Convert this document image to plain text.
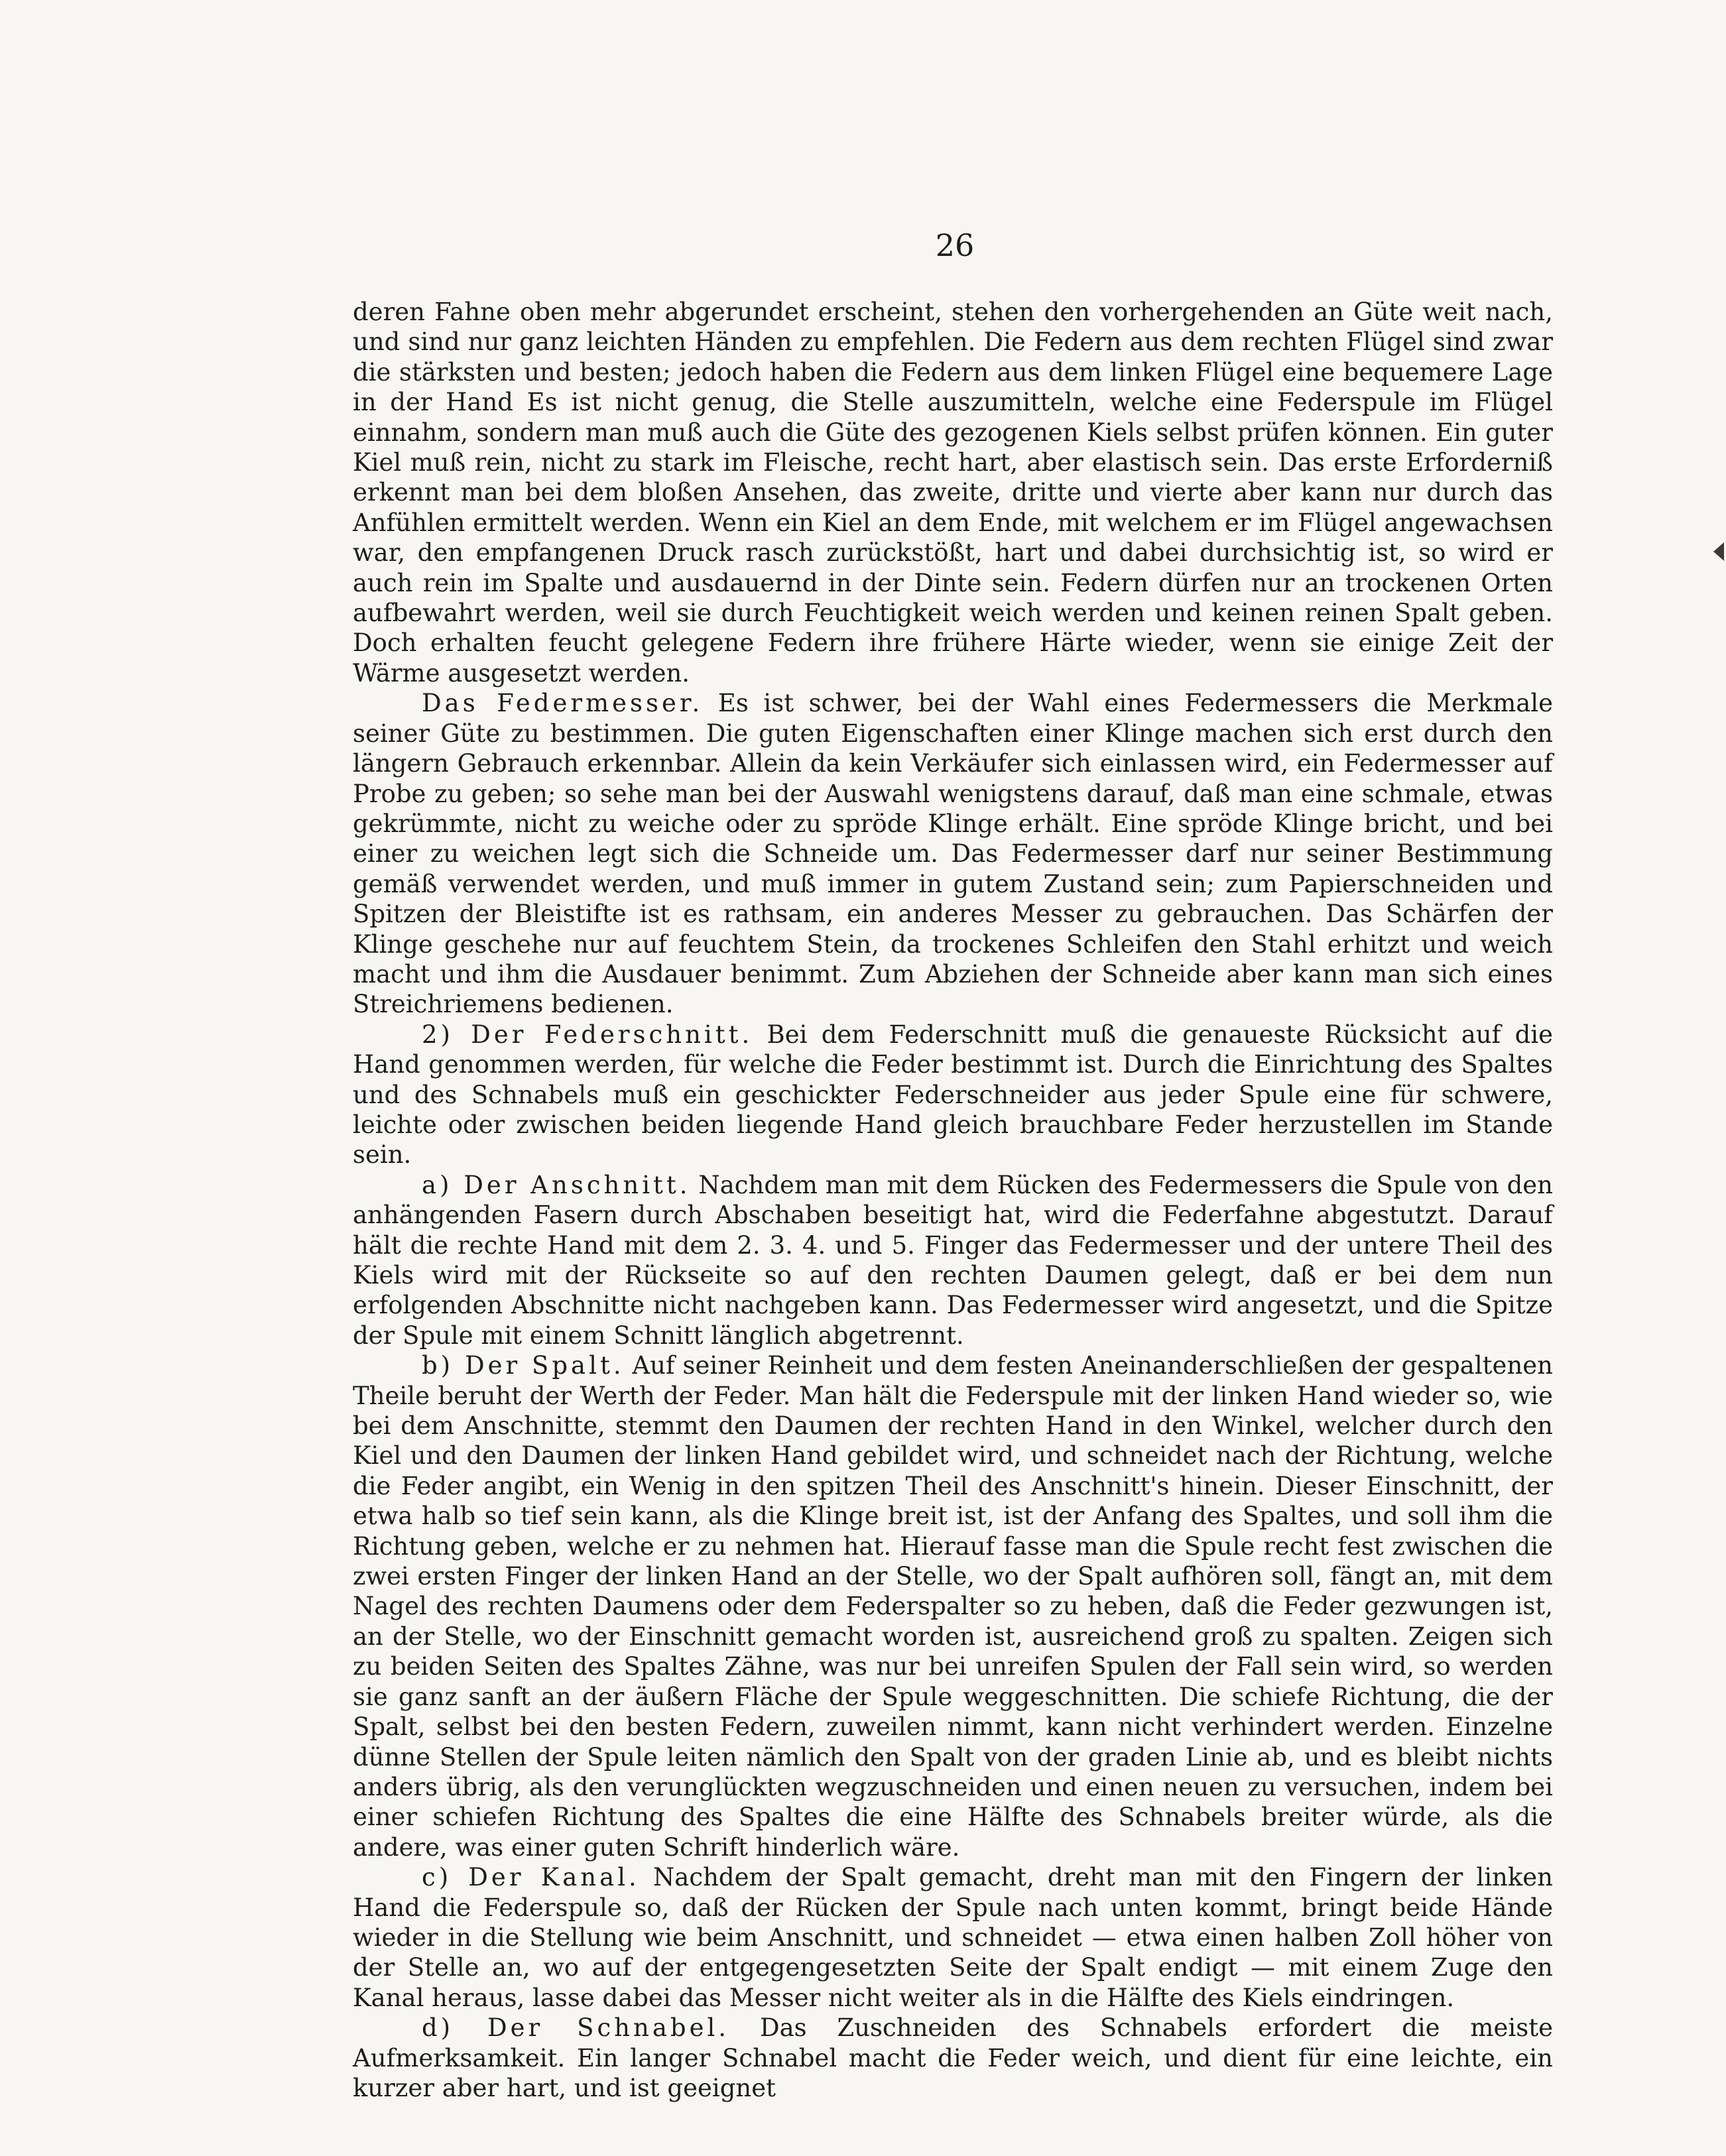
26

deren Fahne oben mehr abgerundet erscheint, stehen den vorhergehenden an Güte weit nach, und sind nur ganz leichten Händen zu empfehlen. Die Federn aus dem rechten Flügel sind zwar die stärksten und besten; jedoch haben die Federn aus dem linken Flügel eine bequemere Lage in der Hand Es ist nicht genug, die Stelle auszumitteln, welche eine Federspule im Flügel einnahm, sondern man muß auch die Güte des gezogenen Kiels selbst prüfen können. Ein guter Kiel muß rein, nicht zu stark im Fleische, recht hart, aber elastisch sein. Das erste Erforderniß erkennt man bei dem bloßen Ansehen, das zweite, dritte und vierte aber kann nur durch das Anfühlen ermittelt werden. Wenn ein Kiel an dem Ende, mit welchem er im Flügel angewachsen war, den empfangenen Druck rasch zurückstößt, hart und dabei durchsichtig ist, so wird er auch rein im Spalte und ausdauernd in der Dinte sein. Federn dürfen nur an trockenen Orten aufbewahrt werden, weil sie durch Feuchtigkeit weich werden und keinen reinen Spalt geben. Doch erhalten feucht gelegene Federn ihre frühere Härte wieder, wenn sie einige Zeit der Wärme ausgesetzt werden.

Das Federmesser. Es ist schwer, bei der Wahl eines Federmessers die Merkmale seiner Güte zu bestimmen. Die guten Eigenschaften einer Klinge machen sich erst durch den längern Gebrauch erkennbar. Allein da kein Verkäufer sich einlassen wird, ein Federmesser auf Probe zu geben; so sehe man bei der Auswahl wenigstens darauf, daß man eine schmale, etwas gekrümmte, nicht zu weiche oder zu spröde Klinge erhält. Eine spröde Klinge bricht, und bei einer zu weichen legt sich die Schneide um. Das Federmesser darf nur seiner Bestimmung gemäß verwendet werden, und muß immer in gutem Zustand sein; zum Papierschneiden und Spitzen der Bleistifte ist es rathsam, ein anderes Messer zu gebrauchen. Das Schärfen der Klinge geschehe nur auf feuchtem Stein, da trockenes Schleifen den Stahl erhitzt und weich macht und ihm die Ausdauer benimmt. Zum Abziehen der Schneide aber kann man sich eines Streichriemens bedienen.

2) Der Federschnitt. Bei dem Federschnitt muß die genaueste Rücksicht auf die Hand genommen werden, für welche die Feder bestimmt ist. Durch die Einrichtung des Spaltes und des Schnabels muß ein geschickter Federschneider aus jeder Spule eine für schwere, leichte oder zwischen beiden liegende Hand gleich brauchbare Feder herzustellen im Stande sein.

a) Der Anschnitt. Nachdem man mit dem Rücken des Federmessers die Spule von den anhängenden Fasern durch Abschaben beseitigt hat, wird die Federfahne abgestutzt. Darauf hält die rechte Hand mit dem 2. 3. 4. und 5. Finger das Federmesser und der untere Theil des Kiels wird mit der Rückseite so auf den rechten Daumen gelegt, daß er bei dem nun erfolgenden Abschnitte nicht nachgeben kann. Das Federmesser wird angesetzt, und die Spitze der Spule mit einem Schnitt länglich abgetrennt.

b) Der Spalt. Auf seiner Reinheit und dem festen Aneinanderschließen der gespaltenen Theile beruht der Werth der Feder. Man hält die Federspule mit der linken Hand wieder so, wie bei dem Anschnitte, stemmt den Daumen der rechten Hand in den Winkel, welcher durch den Kiel und den Daumen der linken Hand gebildet wird, und schneidet nach der Richtung, welche die Feder angibt, ein Wenig in den spitzen Theil des Anschnitt's hinein. Dieser Einschnitt, der etwa halb so tief sein kann, als die Klinge breit ist, ist der Anfang des Spaltes, und soll ihm die Richtung geben, welche er zu nehmen hat. Hierauf fasse man die Spule recht fest zwischen die zwei ersten Finger der linken Hand an der Stelle, wo der Spalt aufhören soll, fängt an, mit dem Nagel des rechten Daumens oder dem Federspalter so zu heben, daß die Feder gezwungen ist, an der Stelle, wo der Einschnitt gemacht worden ist, ausreichend groß zu spalten. Zeigen sich zu beiden Seiten des Spaltes Zähne, was nur bei unreifen Spulen der Fall sein wird, so werden sie ganz sanft an der äußern Fläche der Spule weggeschnitten. Die schiefe Richtung, die der Spalt, selbst bei den besten Federn, zuweilen nimmt, kann nicht verhindert werden. Einzelne dünne Stellen der Spule leiten nämlich den Spalt von der graden Linie ab, und es bleibt nichts anders übrig, als den verunglückten wegzuschneiden und einen neuen zu versuchen, indem bei einer schiefen Richtung des Spaltes die eine Hälfte des Schnabels breiter würde, als die andere, was einer guten Schrift hinderlich wäre.

c) Der Kanal. Nachdem der Spalt gemacht, dreht man mit den Fingern der linken Hand die Federspule so, daß der Rücken der Spule nach unten kommt, bringt beide Hände wieder in die Stellung wie beim Anschnitt, und schneidet — etwa einen halben Zoll höher von der Stelle an, wo auf der entgegengesetzten Seite der Spalt endigt — mit einem Zuge den Kanal heraus, lasse dabei das Messer nicht weiter als in die Hälfte des Kiels eindringen.

d) Der Schnabel. Das Zuschneiden des Schnabels erfordert die meiste Aufmerksamkeit. Ein langer Schnabel macht die Feder weich, und dient für eine leichte, ein kurzer aber hart, und ist geeignet
